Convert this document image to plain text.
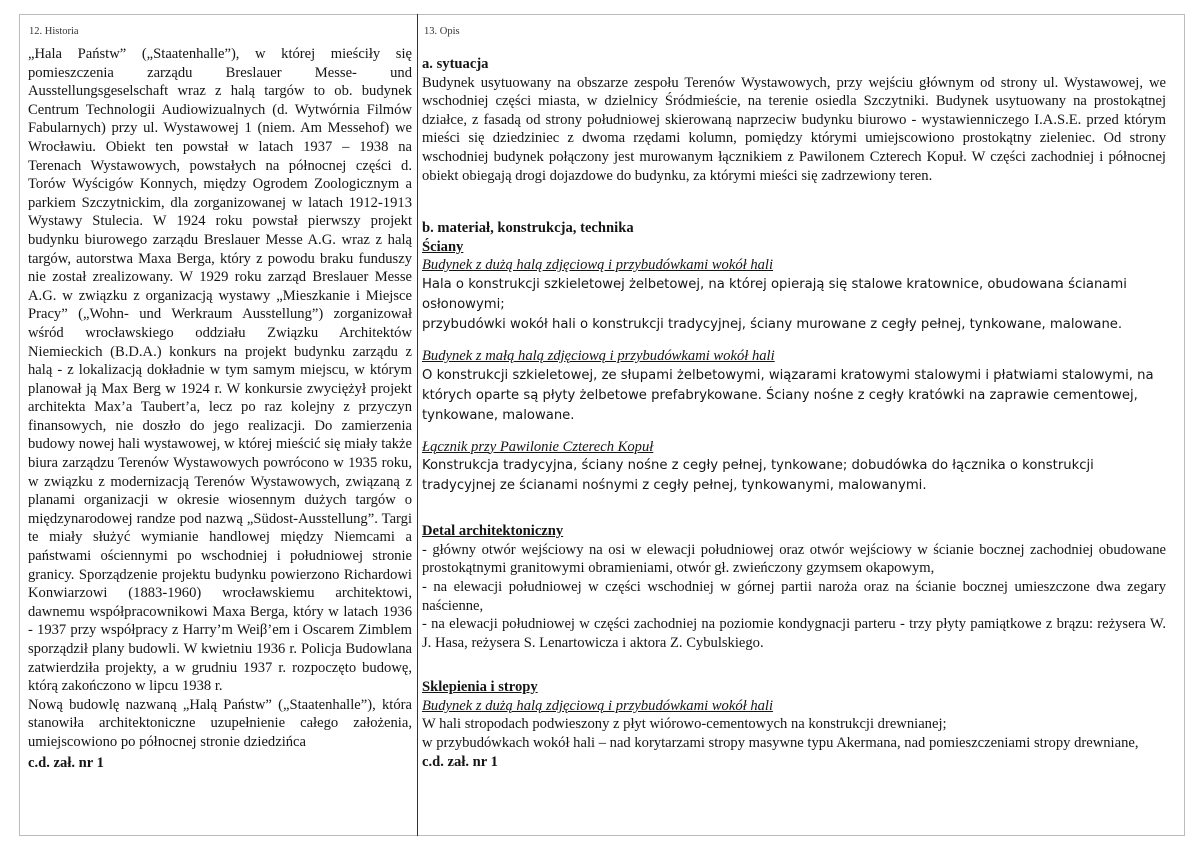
12. Historia	13. Opis

„Hala Państw” („Staatenhalle”), w której mieściły się pomieszczenia zarządu Breslauer Messe- und Ausstellungsgeselschaft wraz z halą targów to ob. budynek Centrum Technologii Audiowizualnych (d. Wytwórnia Filmów Fabularnych) przy ul. Wystawowej 1 (niem. Am Messehof) we Wrocławiu. Obiekt ten powstał w latach 1937 – 1938 na Terenach Wystawowych, powstałych na północnej części d. Torów Wyścigów Konnych, między Ogrodem Zoologicznym a parkiem Szczytnickim, dla zorganizowanej w latach 1912-1913 Wystawy Stulecia. W 1924 roku powstał pierwszy projekt budynku biurowego zarządu Breslauer Messe A.G. wraz z halą targów, autorstwa Maxa Berga, który z powodu braku funduszy nie został zrealizowany. W 1929 roku zarząd Breslauer Messe A.G. w związku z organizacją wystawy „Mieszkanie i Miejsce Pracy” („Wohn- und Werkraum Ausstellung”) zorganizował wśród wrocławskiego oddziału Związku Architektów Niemieckich (B.D.A.) konkurs na projekt budynku zarządu z halą - z lokalizacją dokładnie w tym samym miejscu, w którym planował ją Max Berg w 1924 r. W konkursie zwyciężył projekt architekta Max’a Taubert’a, lecz po raz kolejny z przyczyn finansowych, nie doszło do jego realizacji. Do zamierzenia budowy nowej hali wystawowej, w której mieścić się miały także biura zarządzu Terenów Wystawowych powrócono w 1935 roku, w związku z modernizacją Terenów Wystawowych, związaną z planami organizacji w okresie wiosennym dużych targów o międzynarodowej randze pod nazwą „Südost-Ausstellung”. Targi te miały służyć wymianie handlowej między Niemcami a państwami ościennymi po wschodniej i południowej stronie granicy. Sporządzenie projektu budynku powierzono Richardowi Konwiarzowi (1883-1960) wrocławskiemu architektowi, dawnemu współpracownikowi Maxa Berga, który w latach 1936 - 1937 przy współpracy z Harry’m Weiβ’em i Oscarem Zimblem sporządził plany budowli. W kwietniu 1936 r. Policja Budowlana zatwierdziła projekty, a w grudniu 1937 r. rozpoczęto budowę, którą zakończono w lipcu 1938 r.

Nową budowlę nazwaną „Halą Państw” („Staatenhalle”), która stanowiła architektoniczne uzupełnienie całego założenia, umiejscowiono po północnej stronie dziedzińca

c.d. zał. nr 1

a. sytuacja

Budynek usytuowany na obszarze zespołu Terenów Wystawowych, przy wejściu głównym od strony ul. Wystawowej, we wschodniej części miasta, w dzielnicy Śródmieście, na terenie osiedla Szczytniki. Budynek usytuowany na prostokątnej działce, z fasadą od strony południowej skierowaną naprzeciw budynku biurowo - wystawienniczego I.A.S.E. przed którym mieści się dziedziniec z dwoma rzędami kolumn, pomiędzy którymi umiejscowiono prostokątny zieleniec. Od strony wschodniej budynek połączony jest murowanym łącznikiem z Pawilonem Czterech Kopuł. W części zachodniej i północnej obiekt obiegają drogi dojazdowe do budynku, za którymi mieści się zadrzewiony teren.

b. materiał, konstrukcja, technika

Ściany

Budynek z dużą halą zdjęciową i przybudówkami wokół hali

Hala o konstrukcji szkieletowej żelbetowej, na której opierają się stalowe kratownice, obudowana ścianami osłonowymi;

przybudówki wokół hali o konstrukcji tradycyjnej, ściany murowane z cegły pełnej, tynkowane, malowane.

Budynek z małą halą zdjęciową i przybudówkami wokół hali

O konstrukcji szkieletowej, ze słupami żelbetowymi, wiązarami kratowymi stalowymi i płatwiami stalowymi, na których oparte są płyty żelbetowe prefabrykowane. Ściany nośne z cegły kratówki na zaprawie cementowej, tynkowane, malowane.

Łącznik przy Pawilonie Czterech Kopuł

Konstrukcja tradycyjna, ściany nośne z cegły pełnej, tynkowane; dobudówka do łącznika o konstrukcji tradycyjnej ze ścianami nośnymi z cegły pełnej, tynkowanymi, malowanymi.

Detal architektoniczny

- główny otwór wejściowy na osi w elewacji południowej oraz otwór wejściowy w ścianie bocznej zachodniej obudowane prostokątnymi granitowymi obramieniami, otwór gł. zwieńczony gzymsem okapowym,

- na elewacji południowej w części wschodniej w górnej partii naroża oraz na ścianie bocznej umieszczone dwa zegary naścienne,

- na elewacji południowej w części zachodniej na poziomie kondygnacji parteru - trzy płyty pamiątkowe z brązu: reżysera W. J. Hasa, reżysera S. Lenartowicza i aktora Z. Cybulskiego.

Sklepienia i stropy

Budynek z dużą halą zdjęciową i przybudówkami wokół hali

W hali stropodach podwieszony z płyt wiórowo-cementowych na konstrukcji drewnianej;

w przybudówkach wokół hali – nad korytarzami stropy masywne typu Akermana, nad pomieszczeniami stropy drewniane,

c.d. zał. nr 1
